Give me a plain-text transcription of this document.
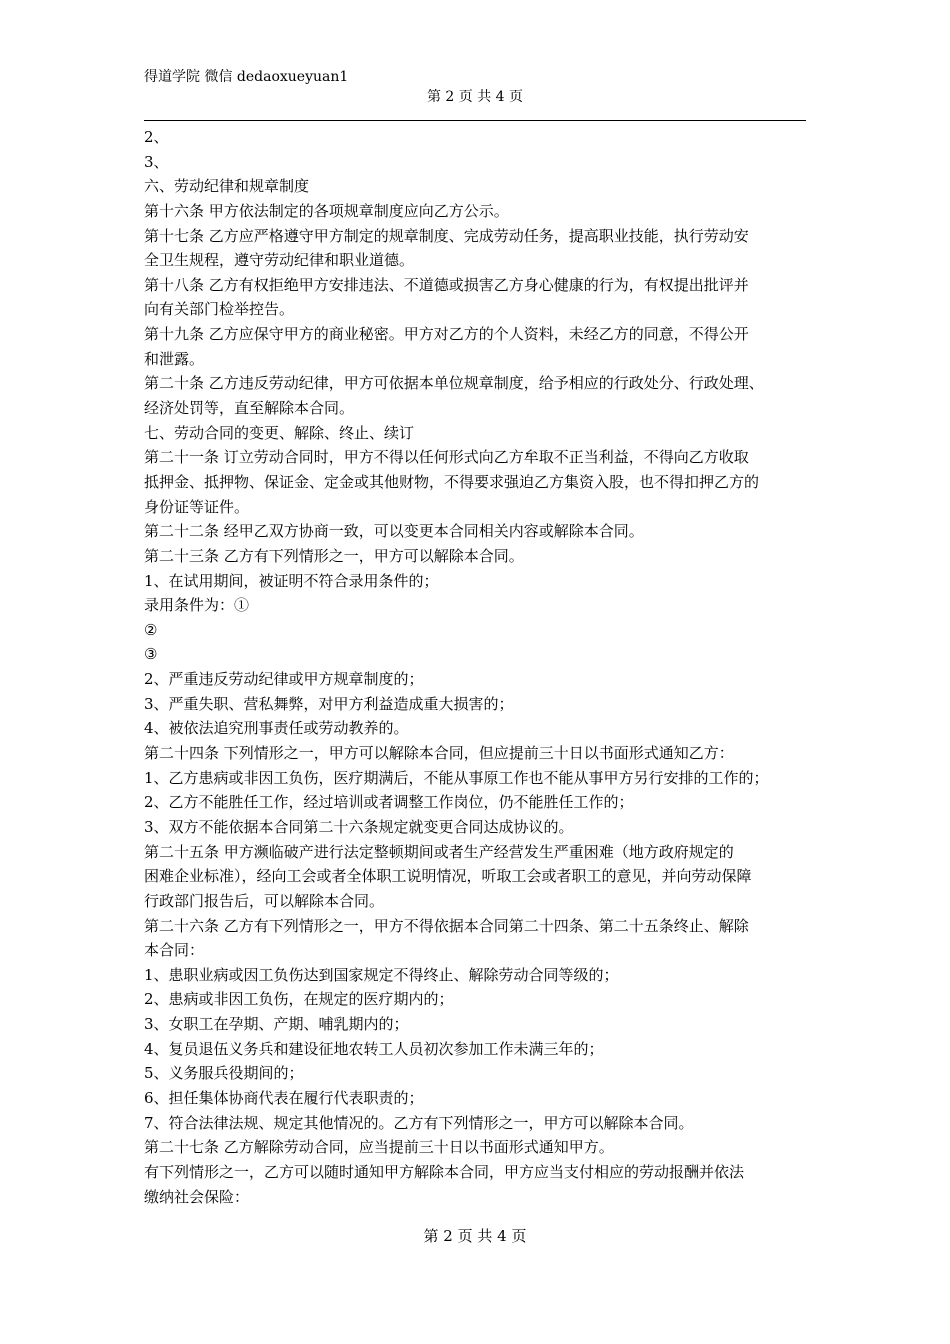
得道学院 微信 dedaoxueyuan1
第 2 页 共 4 页
2、
3、
六、劳动纪律和规章制度
第十六条 甲方依法制定的各项规章制度应向乙方公示。
第十七条 乙方应严格遵守甲方制定的规章制度、完成劳动任务，提高职业技能，执行劳动安
全卫生规程，遵守劳动纪律和职业道德。
第十八条 乙方有权拒绝甲方安排违法、不道德或损害乙方身心健康的行为，有权提出批评并
向有关部门检举控告。
第十九条 乙方应保守甲方的商业秘密。甲方对乙方的个人资料，未经乙方的同意，不得公开
和泄露。
第二十条 乙方违反劳动纪律，甲方可依据本单位规章制度，给予相应的行政处分、行政处理、
经济处罚等，直至解除本合同。
七、劳动合同的变更、解除、终止、续订
第二十一条 订立劳动合同时，甲方不得以任何形式向乙方牟取不正当利益，不得向乙方收取
抵押金、抵押物、保证金、定金或其他财物，不得要求强迫乙方集资入股，也不得扣押乙方的
身份证等证件。
第二十二条 经甲乙双方协商一致，可以变更本合同相关内容或解除本合同。
第二十三条 乙方有下列情形之一，甲方可以解除本合同。
1、在试用期间，被证明不符合录用条件的；
录用条件为：①
②
③
2、严重违反劳动纪律或甲方规章制度的；
3、严重失职、营私舞弊，对甲方利益造成重大损害的；
4、被依法追究刑事责任或劳动教养的。
第二十四条 下列情形之一，甲方可以解除本合同，但应提前三十日以书面形式通知乙方：
1、乙方患病或非因工负伤，医疗期满后，不能从事原工作也不能从事甲方另行安排的工作的；
2、乙方不能胜任工作，经过培训或者调整工作岗位，仍不能胜任工作的；
3、双方不能依据本合同第二十六条规定就变更合同达成协议的。
第二十五条 甲方濒临破产进行法定整顿期间或者生产经营发生严重困难（地方政府规定的
困难企业标准），经向工会或者全体职工说明情况，听取工会或者职工的意见，并向劳动保障
行政部门报告后，可以解除本合同。
第二十六条 乙方有下列情形之一，甲方不得依据本合同第二十四条、第二十五条终止、解除
本合同：
1、患职业病或因工负伤达到国家规定不得终止、解除劳动合同等级的；
2、患病或非因工负伤，在规定的医疗期内的；
3、女职工在孕期、产期、哺乳期内的；
4、复员退伍义务兵和建设征地农转工人员初次参加工作未满三年的；
5、义务服兵役期间的；
6、担任集体协商代表在履行代表职责的；
7、符合法律法规、规定其他情况的。乙方有下列情形之一，甲方可以解除本合同。
第二十七条 乙方解除劳动合同，应当提前三十日以书面形式通知甲方。
有下列情形之一，乙方可以随时通知甲方解除本合同，甲方应当支付相应的劳动报酬并依法
缴纳社会保险：
第 2 页 共 4 页
